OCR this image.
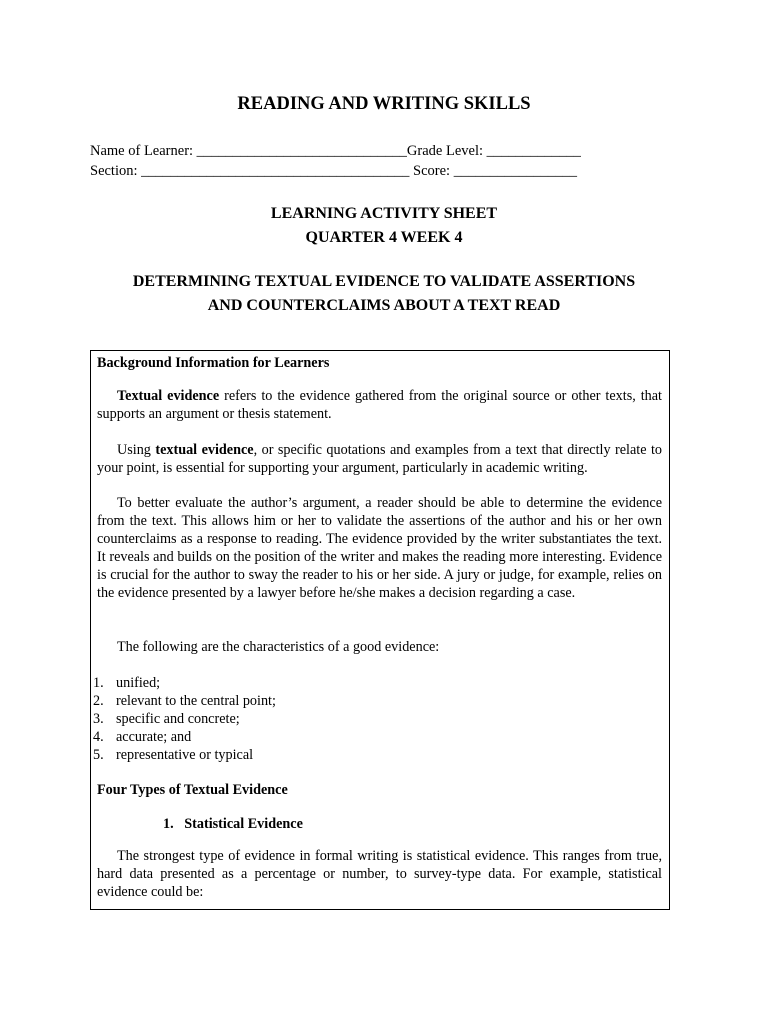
READING AND WRITING SKILLS
Name of Learner: _____________________________Grade Level: _____________
Section: _____________________________________ Score: _________________
LEARNING ACTIVITY SHEET
QUARTER 4 WEEK 4
DETERMINING TEXTUAL EVIDENCE TO VALIDATE ASSERTIONS
AND COUNTERCLAIMS ABOUT A TEXT READ
Background Information for Learners
Textual evidence refers to the evidence gathered from the original source or other texts, that supports an argument or thesis statement.
Using textual evidence, or specific quotations and examples from a text that directly relate to your point, is essential for supporting your argument, particularly in academic writing.
To better evaluate the author’s argument, a reader should be able to determine the evidence from the text. This allows him or her to validate the assertions of the author and his or her own counterclaims as a response to reading. The evidence provided by the writer substantiates the text. It reveals and builds on the position of the writer and makes the reading more interesting. Evidence is crucial for the author to sway the reader to his or her side. A jury or judge, for example, relies on the evidence presented by a lawyer before he/she makes a decision regarding a case.
The following are the characteristics of a good evidence:
1. unified;
2. relevant to the central point;
3. specific and concrete;
4. accurate; and
5. representative or typical
Four Types of Textual Evidence
1.   Statistical Evidence
The strongest type of evidence in formal writing is statistical evidence. This ranges from true, hard data presented as a percentage or number, to survey-type data. For example, statistical evidence could be:
